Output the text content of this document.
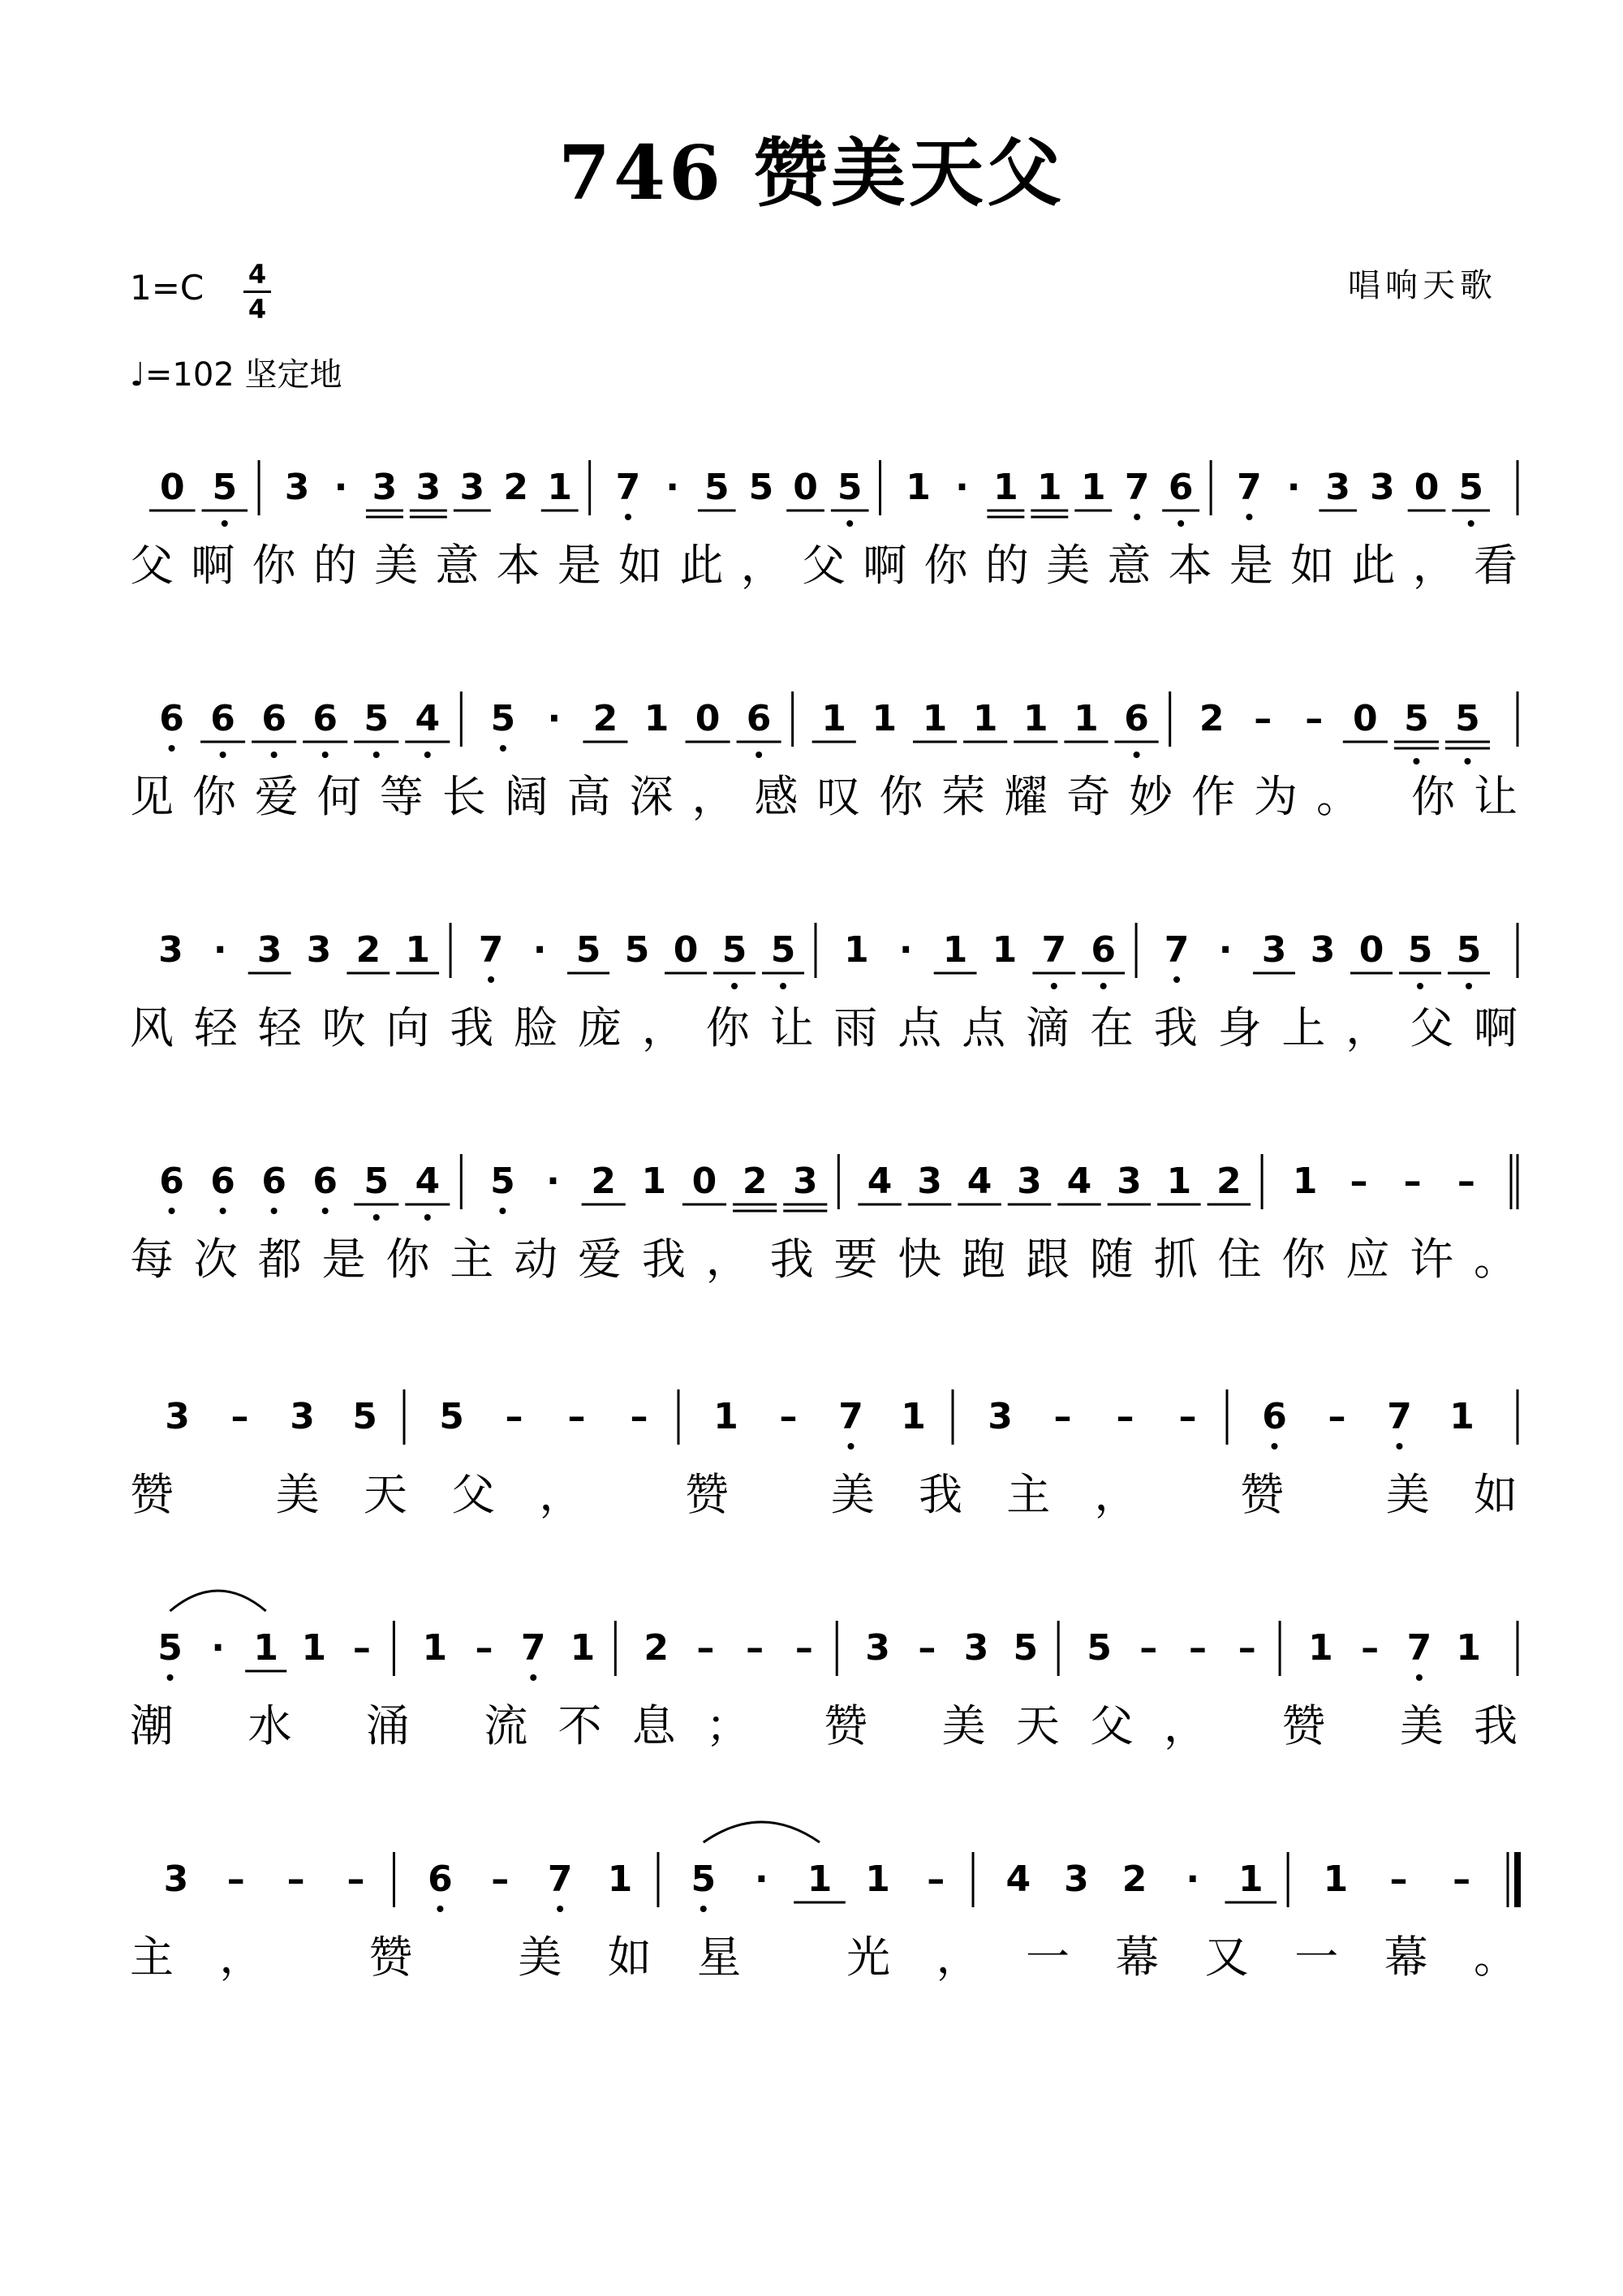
746 赞美天父
1=C 4
4
♩=102 坚定地
唱响天歌
0 5 3 · 3 3 3 2 1 7 · 5 5 0 5 1 · 1 1 1 7 6 7 · 3 3 0 5
父啊你的美意本是如此，父啊你的美意本是如此，看
6 6 6 6 5 4 5 · 2 1 0 6 1 1 1 1 1 1 6 2 – – 0 5 5
见你爱何等长阔高深，感叹你荣耀奇妙作为。 你让
3 · 3 3 2 1 7 · 5 5 0 5 5 1 · 1 1 7 6 7 · 3 3 0 5 5
风轻轻吹向我脸庞，你让雨点点滴在我身上，父啊
6 6 6 6 5 4 5 · 2 1 0 2 3 4 3 4 3 4 3 1 2 1 – – –
每次都是你主动爱我，我要快跑跟随抓住你应许。
3 – 3 5 5 – – – 1 – 7 1 3 – – – 6 – 7 1
赞 美天父， 赞 美我主， 赞 美如
5 · 1 1 – 1 – 7 1 2 – – – 3 – 3 5 5 – – – 1 – 7 1
潮 水 涌 流不息； 赞 美天父， 赞 美我
3 – – – 6 – 7 1 5 · 1 1 – 4 3 2 · 1 1 – –
主， 赞 美如星 光，一幕又一幕。
